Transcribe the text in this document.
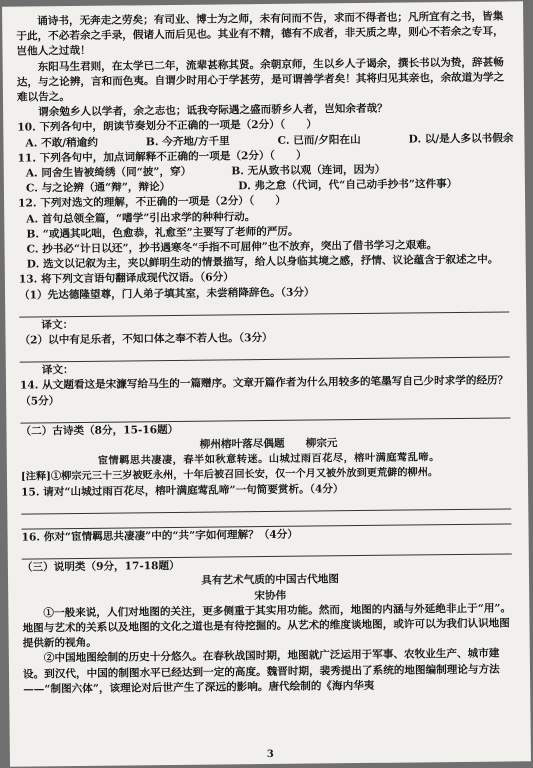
诵诗书，无奔走之劳矣；有司业、博士为之师，未有问而不告，求而不得者也；凡所宜有之书，皆集于此，不必若余之手录，假诸人而后见也。其业有不精，德有不成者，非天质之卑，则心不若余之专耳，岂他人之过哉！

东阳马生君则，在太学已二年，流辈甚称其贤。余朝京师，生以乡人子谒余，撰长书以为贽，辞甚畅达，与之论辨，言和而色夷。自谓少时用心于学甚劳，是可谓善学者矣！其将归见其亲也，余故道为学之难以告之。

谓余勉乡人以学者，余之志也；诋我夸际遇之盛而骄乡人者，岂知余者哉？

10. 下列各句中，朗读节奏划分不正确的一项是（2分）（　　）

A. 不敢/稍逾约	B. 今齐地/方千里	C. 已而/夕阳在山	D. 以/是人多以书假余

11. 下列各句中，加点词解释不正确的一项是（2分）（　　）

A. 同舍生皆被绮绣（同“披”，穿）	B. 无从致书以观（连词，因为）
C. 与之论辨（通“辩”，辩论）	D. 弗之怠（代词，代“自己动手抄书”这件事）

12. 下列对选文的理解，不正确的一项是（2分）（　　）

A. 首句总领全篇，“嗜学”引出求学的种种行动。

B. “或遇其叱咄，色愈恭，礼愈至”主要写了老师的严厉。

C. 抄书必“计日以还”，抄书遇寒冬“手指不可屈伸”也不放弃，突出了借书学习之艰难。

D. 选文以记叙为主，夹以鲜明生动的情景描写，给人以身临其境之感，抒情、议论蕴含于叙述之中。

13. 将下列文言语句翻译成现代汉语。（6分）

（1）先达德隆望尊，门人弟子填其室，未尝稍降辞色。（3分）

译文：

（2）以中有足乐者，不知口体之奉不若人也。（3分）

译文：

14. 从文题看这是宋濂写给马生的一篇赠序。文章开篇作者为什么用较多的笔墨写自己少时求学的经历？（5分）

（二）古诗类（8分，15-16题）

柳州榕叶落尽偶题　　柳宗元

宦情羁思共凄凄，春半如秋意转迷。山城过雨百花尽，榕叶满庭莺乱啼。

[注释]①柳宗元三十三岁被贬永州，十年后被召回长安，仅一个月又被外放到更荒僻的柳州。

15. 请对“山城过雨百花尽，榕叶满庭莺乱啼”一句简要赏析。（4分）

16. 你对“宦情羁思共凄凄”中的“共”字如何理解？（4分）

（三）说明类（9分，17-18题）

具有艺术气质的中国古代地图

宋协伟

①一般来说，人们对地图的关注，更多侧重于其实用功能。然而，地图的内涵与外延绝非止于“用”。地图与艺术的关系以及地图的文化之道也是有待挖掘的。从艺术的维度谈地图，或许可以为我们认识地图提供新的视角。

②中国地图绘制的历史十分悠久。在春秋战国时期，地图就广泛运用于军事、农牧业生产、城市建设。到汉代，中国的制图水平已经达到一定的高度。魏晋时期，裴秀提出了系统的地图编制理论与方法——“制图六体”，该理论对后世产生了深远的影响。唐代绘制的《海内华夷

3
